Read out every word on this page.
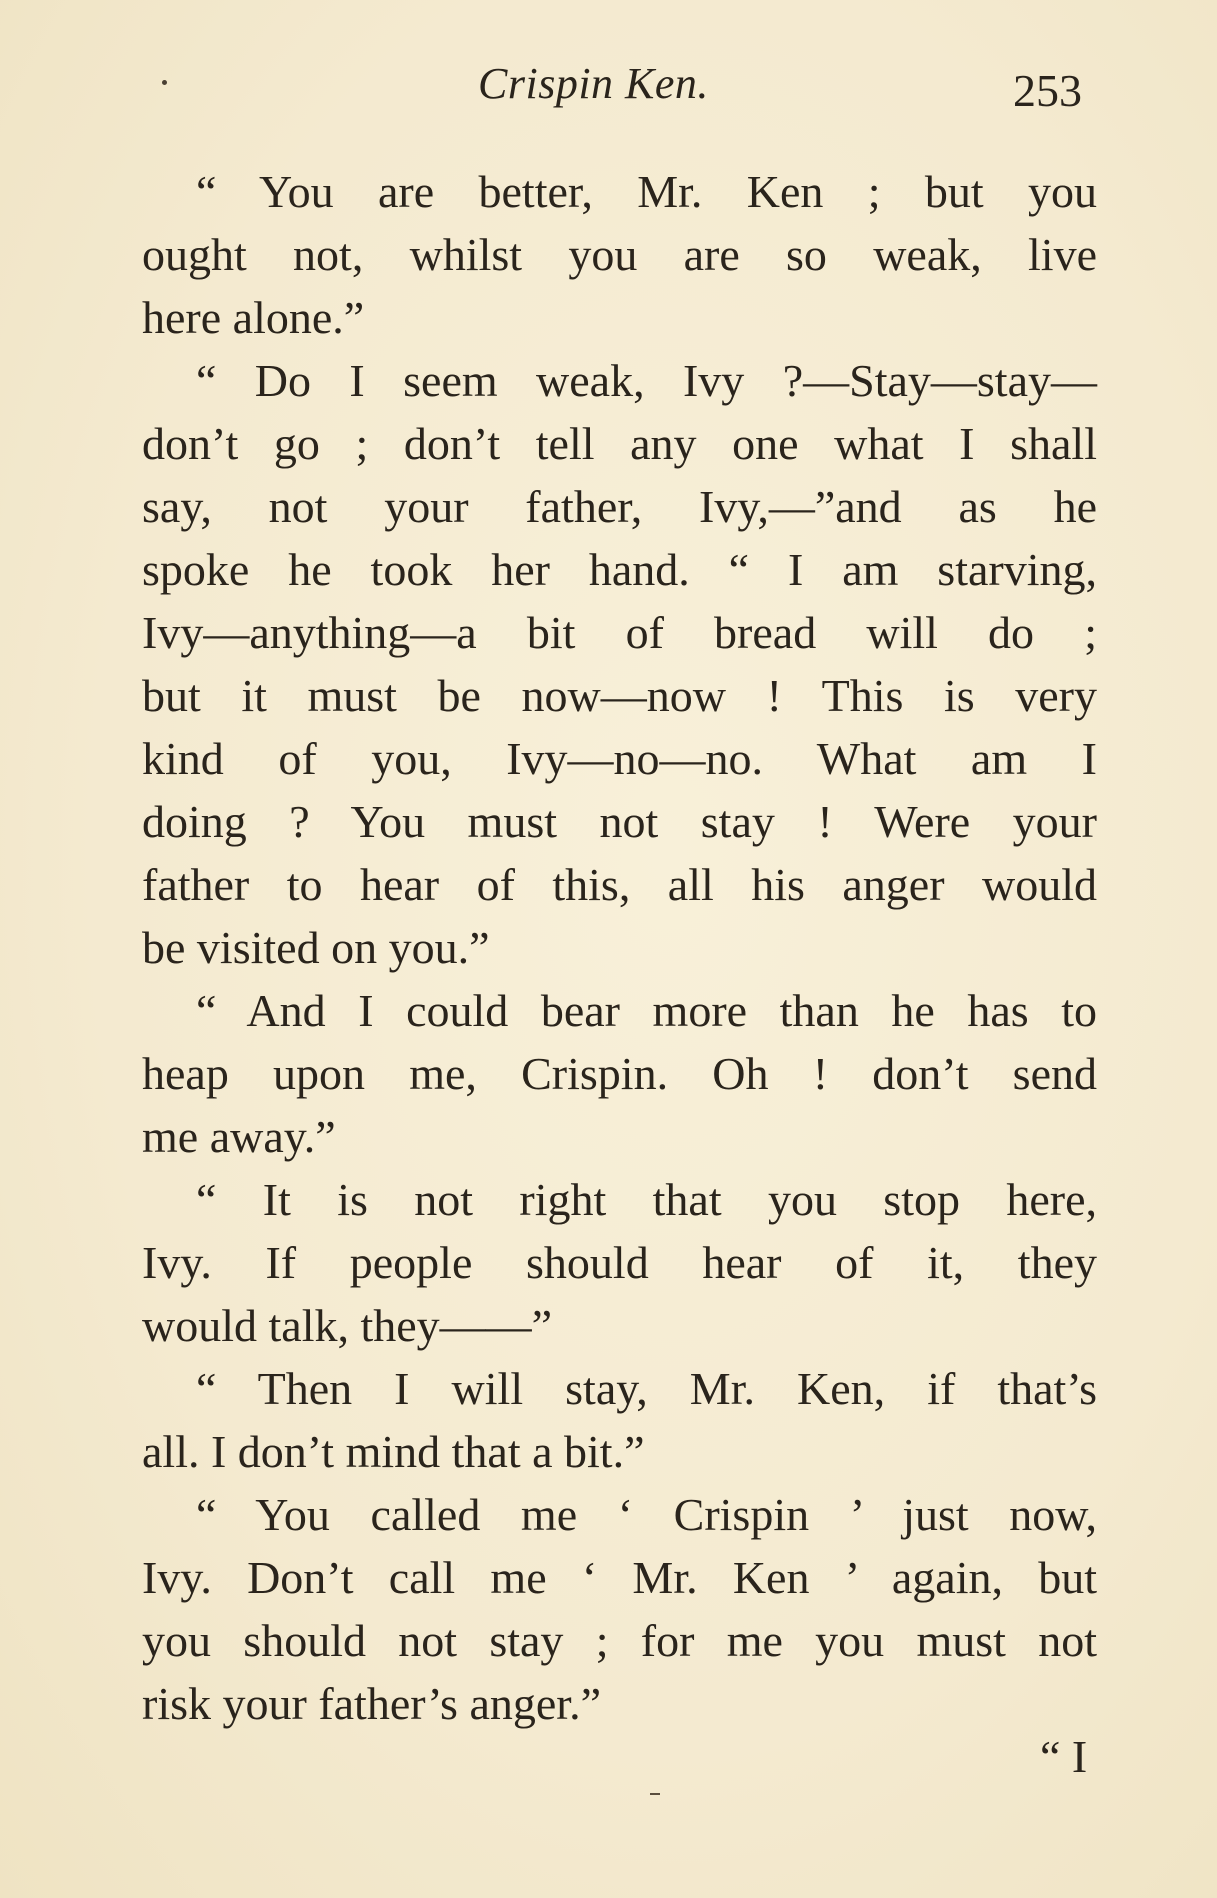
Crispin Ken.	253
“ You are better, Mr. Ken ; but you
ought not, whilst you are so weak, live
here alone.”
“ Do I seem weak, Ivy ?—Stay—stay—
don’t go ; don’t tell any one what I shall
say, not your father, Ivy,—”and as he
spoke he took her hand. “ I am starving,
Ivy—anything—a bit of bread will do ;
but it must be now—now ! This is very
kind of you, Ivy—no—no. What am I
doing ? You must not stay ! Were your
father to hear of this, all his anger would
be visited on you.”
“ And I could bear more than he has to
heap upon me, Crispin. Oh ! don’t send
me away.”
“ It is not right that you stop here,
Ivy. If people should hear of it, they
would talk, they——”
“ Then I will stay, Mr. Ken, if that’s
all. I don’t mind that a bit.”
“ You called me ‘ Crispin ’ just now,
Ivy. Don’t call me ‘ Mr. Ken ’ again, but
you should not stay ; for me you must not
risk your father’s anger.”
“ I
